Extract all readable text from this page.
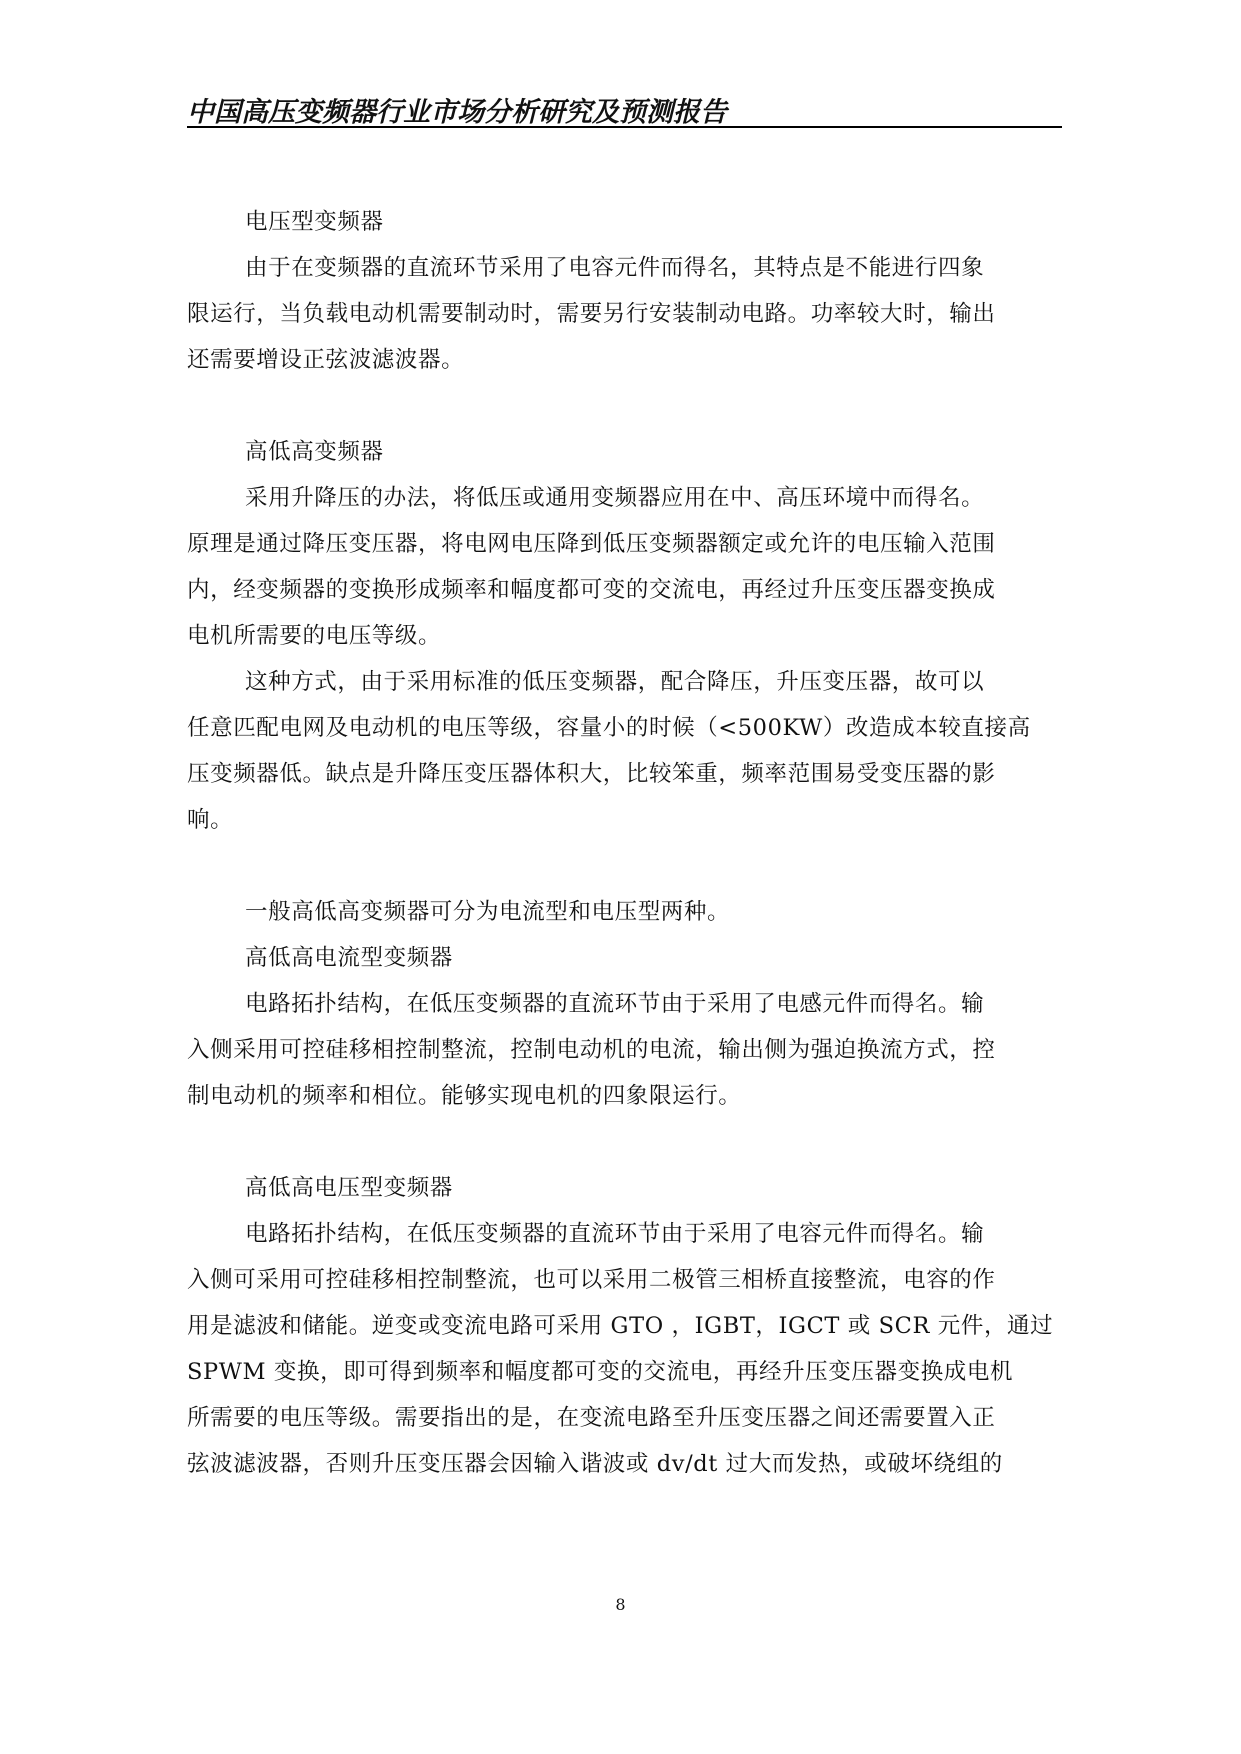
中国高压变频器行业市场分析研究及预测报告
电压型变频器
由于在变频器的直流环节采用了电容元件而得名，其特点是不能进行四象
限运行，当负载电动机需要制动时，需要另行安装制动电路。功率较大时，输出
还需要增设正弦波滤波器。
高低高变频器
采用升降压的办法，将低压或通用变频器应用在中、高压环境中而得名。
原理是通过降压变压器，将电网电压降到低压变频器额定或允许的电压输入范围
内，经变频器的变换形成频率和幅度都可变的交流电，再经过升压变压器变换成
电机所需要的电压等级。
这种方式，由于采用标准的低压变频器，配合降压，升压变压器，故可以
任意匹配电网及电动机的电压等级，容量小的时候（<500KW）改造成本较直接高
压变频器低。缺点是升降压变压器体积大，比较笨重，频率范围易受变压器的影
响。
一般高低高变频器可分为电流型和电压型两种。
高低高电流型变频器
电路拓扑结构，在低压变频器的直流环节由于采用了电感元件而得名。输
入侧采用可控硅移相控制整流，控制电动机的电流，输出侧为强迫换流方式，控
制电动机的频率和相位。能够实现电机的四象限运行。
高低高电压型变频器
电路拓扑结构，在低压变频器的直流环节由于采用了电容元件而得名。输
入侧可采用可控硅移相控制整流，也可以采用二极管三相桥直接整流，电容的作
用是滤波和储能。逆变或变流电路可采用 GTO ，IGBT，IGCT 或 SCR 元件，通过
SPWM 变换，即可得到频率和幅度都可变的交流电，再经升压变压器变换成电机
所需要的电压等级。需要指出的是，在变流电路至升压变压器之间还需要置入正
弦波滤波器，否则升压变压器会因输入谐波或 dv/dt 过大而发热，或破坏绕组的
8
